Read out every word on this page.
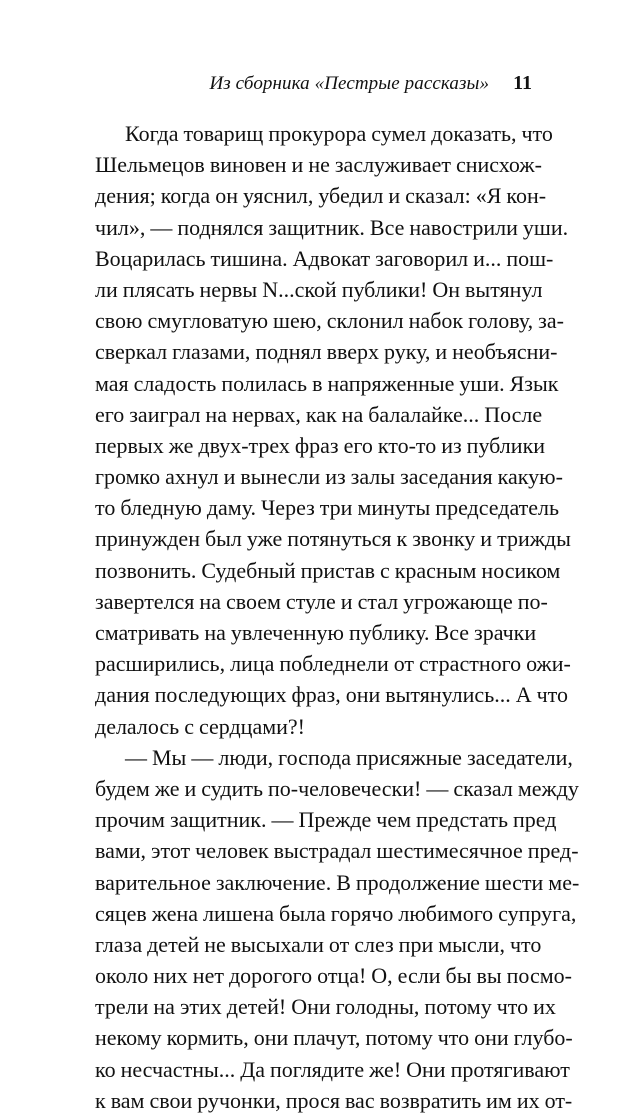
Из сборника «Пестрые рассказы» 11
Когда товарищ прокурора сумел доказать, что
Шельмецов виновен и не заслуживает снисхож-
дения; когда он уяснил, убедил и сказал: «Я кон-
чил», — поднялся защитник. Все навострили уши.
Воцарилась тишина. Адвокат заговорил и... пош-
ли плясать нервы N...ской публики! Он вытянул
свою смугловатую шею, склонил набок голову, за-
сверкал глазами, поднял вверх руку, и необъясни-
мая сладость полилась в напряженные уши. Язык
его заиграл на нервах, как на балалайке... После
первых же двух-трех фраз его кто-то из публики
громко ахнул и вынесли из залы заседания какую-
то бледную даму. Через три минуты председатель
принужден был уже потянуться к звонку и трижды
позвонить. Судебный пристав с красным носиком
завертелся на своем стуле и стал угрожающе по-
сматривать на увлеченную публику. Все зрачки
расширились, лица побледнели от страстного ожи-
дания последующих фраз, они вытянулись... А что
делалось с сердцами?!
— Мы — люди, господа присяжные заседатели,
будем же и судить по-человечески! — сказал между
прочим защитник. — Прежде чем предстать пред
вами, этот человек выстрадал шестимесячное пред-
варительное заключение. В продолжение шести ме-
сяцев жена лишена была горячо любимого супруга,
глаза детей не высыхали от слез при мысли, что
около них нет дорогого отца! О, если бы вы посмо-
трели на этих детей! Они голодны, потому что их
некому кормить, они плачут, потому что они глубо-
ко несчастны... Да поглядите же! Они протягивают
к вам свои ручонки, прося вас возвратить им их от-
